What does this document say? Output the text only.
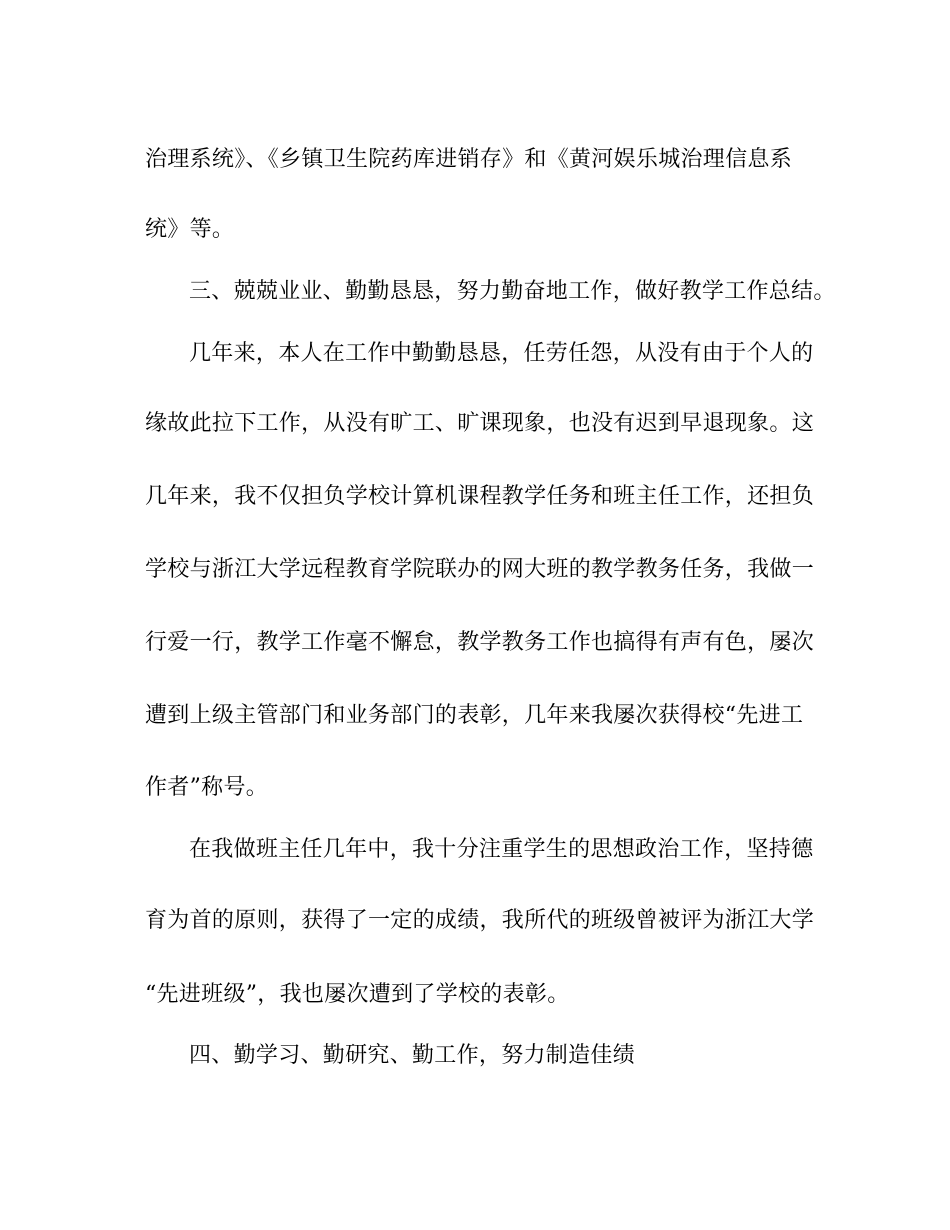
治理系统》、《乡镇卫生院药库进销存》和《黄河娱乐城治理信息系
统》等。
三、兢兢业业、勤勤恳恳，努力勤奋地工作，做好教学工作总结。
几年来，本人在工作中勤勤恳恳，任劳任怨，从没有由于个人的
缘故此拉下工作，从没有旷工、旷课现象，也没有迟到早退现象。这
几年来，我不仅担负学校计算机课程教学任务和班主任工作，还担负
学校与浙江大学远程教育学院联办的网大班的教学教务任务，我做一
行爱一行，教学工作毫不懈怠，教学教务工作也搞得有声有色，屡次
遭到上级主管部门和业务部门的表彰，几年来我屡次获得校“先进工
作者”称号。
在我做班主任几年中，我十分注重学生的思想政治工作，坚持德
育为首的原则，获得了一定的成绩，我所代的班级曾被评为浙江大学
“先进班级”，我也屡次遭到了学校的表彰。
四、勤学习、勤研究、勤工作，努力制造佳绩
